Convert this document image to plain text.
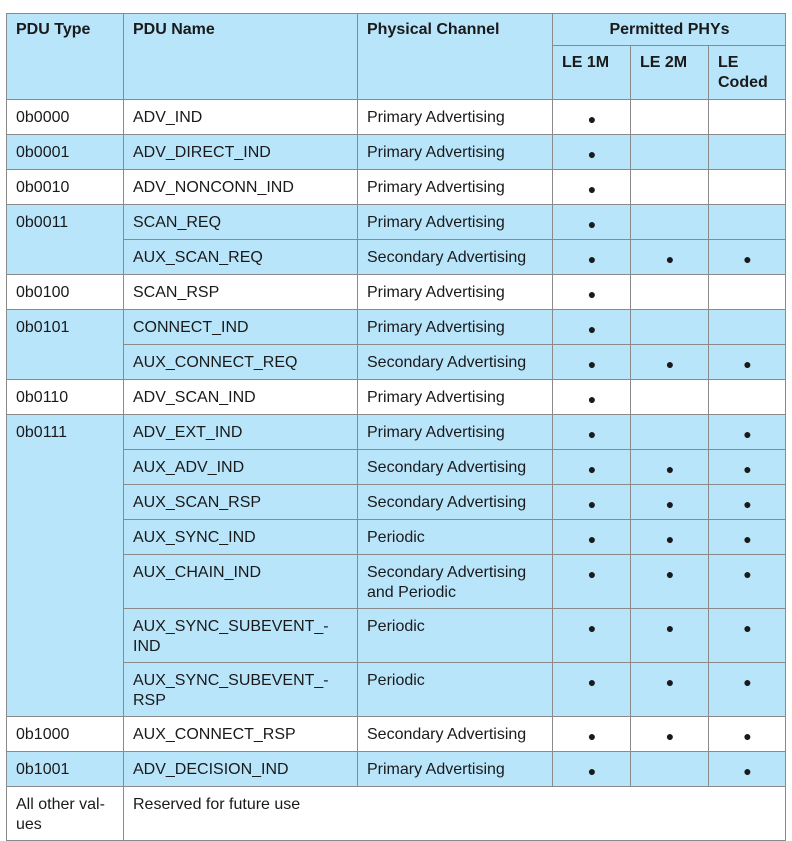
PDU Type	PDU Name	Physical Channel	Permitted PHYs		
			LE 1M	LE 2M	LE Coded
0b0000	ADV_IND	Primary Advertising	●		
0b0001	ADV_DIRECT_IND	Primary Advertising	●		
0b0010	ADV_NONCONN_IND	Primary Advertising	●		
0b0011	SCAN_REQ	Primary Advertising	●		
	AUX_SCAN_REQ	Secondary Advertising	●	●	●
0b0100	SCAN_RSP	Primary Advertising	●		
0b0101	CONNECT_IND	Primary Advertising	●		
	AUX_CONNECT_REQ	Secondary Advertising	●	●	●
0b0110	ADV_SCAN_IND	Primary Advertising	●		
0b0111	ADV_EXT_IND	Primary Advertising	●		●
	AUX_ADV_IND	Secondary Advertising	●	●	●
	AUX_SCAN_RSP	Secondary Advertising	●	●	●
	AUX_SYNC_IND	Periodic	●	●	●
	AUX_CHAIN_IND	Secondary Advertising and Periodic	●	●	●
	AUX_SYNC_SUBEVENT_-IND	Periodic	●	●	●
	AUX_SYNC_SUBEVENT_-RSP	Periodic	●	●	●
0b1000	AUX_CONNECT_RSP	Secondary Advertising	●	●	●
0b1001	ADV_DECISION_IND	Primary Advertising	●		●
All other val-ues	Reserved for future use				
